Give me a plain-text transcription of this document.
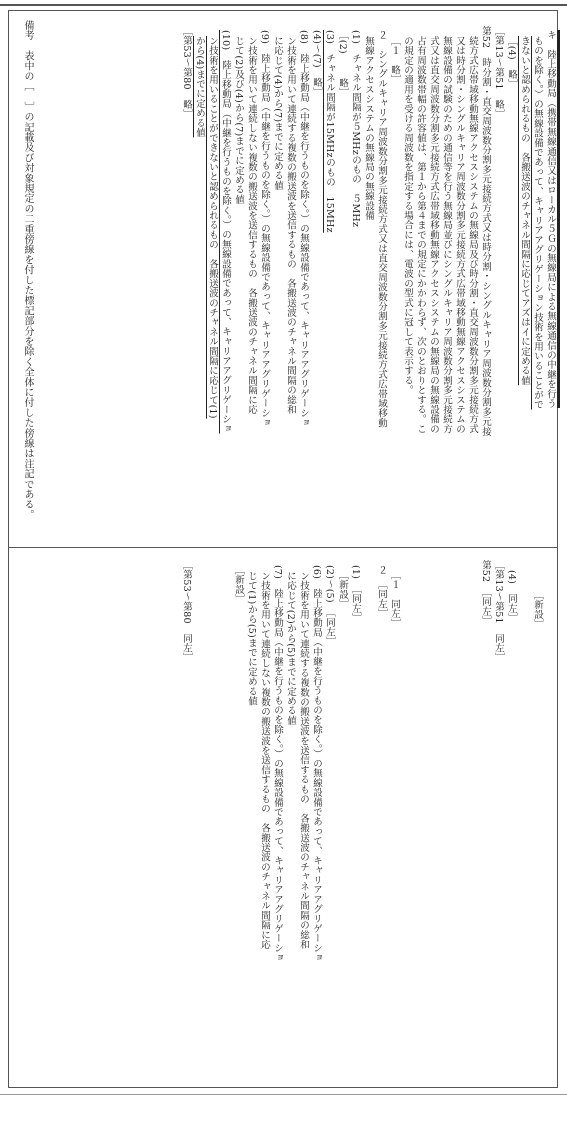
キ　陸上移動局（携帯無線通信又はローカル５Ｇの無線局による無線通信の中継を行う
ものを除く。）の無線設備であって、キャリアアグリゲーション技術を用いることがで
きないと認められるもの　各搬送波のチャネル間隔に応じてアズはイに定める値
［(4)　略］
［第13～第51　略］
第52　時分割・直交周波数分割多元接続方式又は時分割・シングルキャリア周波数分割多元接
続方式広帯域移動無線アクセスシステムの無線局及び時分割・直交周波数分割多元接続方式
又は時分割・シングルキャリア周波数分割多元接続方式広帯域移動無線アクセスシステムの
無線設備の試験のための通信等を行う無線局並びにシングルキャリア周波数分割多元接続方
式又は直交周波数分割多元接続方式広帯域移動無線アクセスシステムの無線局の無線設備の
占有周波数帯幅の許容値は、第１から第４までの規定にかかわらず、次のとおりとする。こ
の規定の適用を受ける周波数を指定する場合には、電波の型式に冠して表示する。
［１　略］
２　シングルキャリア周波数分割多元接続方式又は直交周波数分割多元接続方式広帯域移動
無線アクセスシステムの無線局の無線設備
(1)　チャネル間隔が５MHzのもの　５MHz
［(2)
略］
(3)　チャネル間隔が15MHzのもの　15MHz
(4)～(7)　略］
(8)　陸上移動局（中継を行うものを除く。）の無線設備であって、キャリアアグリゲーショ
ン技術を用いて連続する複数の搬送波を送信するもの　各搬送波のチャネル間隔の総和
に応じて(4)から(7)までに定める値
(9)　陸上移動局（中継を行うものを除く。）の無線設備であって、キャリアアグリゲーショ
ン技術を用いて連続しない複数の搬送波を送信するもの　各搬送波のチャネル間隔に応
じて(2)及び(4)から(7)までに定める値
(10)　陸上移動局（中継を行うものを除く。）の無線設備であって、キャリアアグリゲーショ
ン技術を用いることができないと認められるもの　各搬送波のチャネル間隔に応じて(1)
から(4)までに定める値
［第53～第80　略］
備考　表中の［　］の記載及び対象規定の二重傍線を付した標記部分を除く全体に付した傍線は注記である。
［新設］
(4)　同左］
［第13～第51　同左］
第52　［同左］
［１　同左］
２　［同左］
(1)　［同左］
［新設］
(2)～(5)　［同左］
(6)　陸上移動局（中継を行うものを除く。）の無線設備であって、キャリアアグリゲーショ
ン技術を用いて連続する複数の搬送波を送信するもの　各搬送波のチャネル間隔の総和
に応じて(2)から(5)までに定める値
(7)　陸上移動局（中継を行うものを除く。）の無線設備であって、キャリアアグリゲーショ
ン技術を用いて連続しない複数の搬送波を送信するもの　各搬送波のチャネル間隔に応
じて(1)から(5)までに定める値
［新設］
［第53～第80　同左］
